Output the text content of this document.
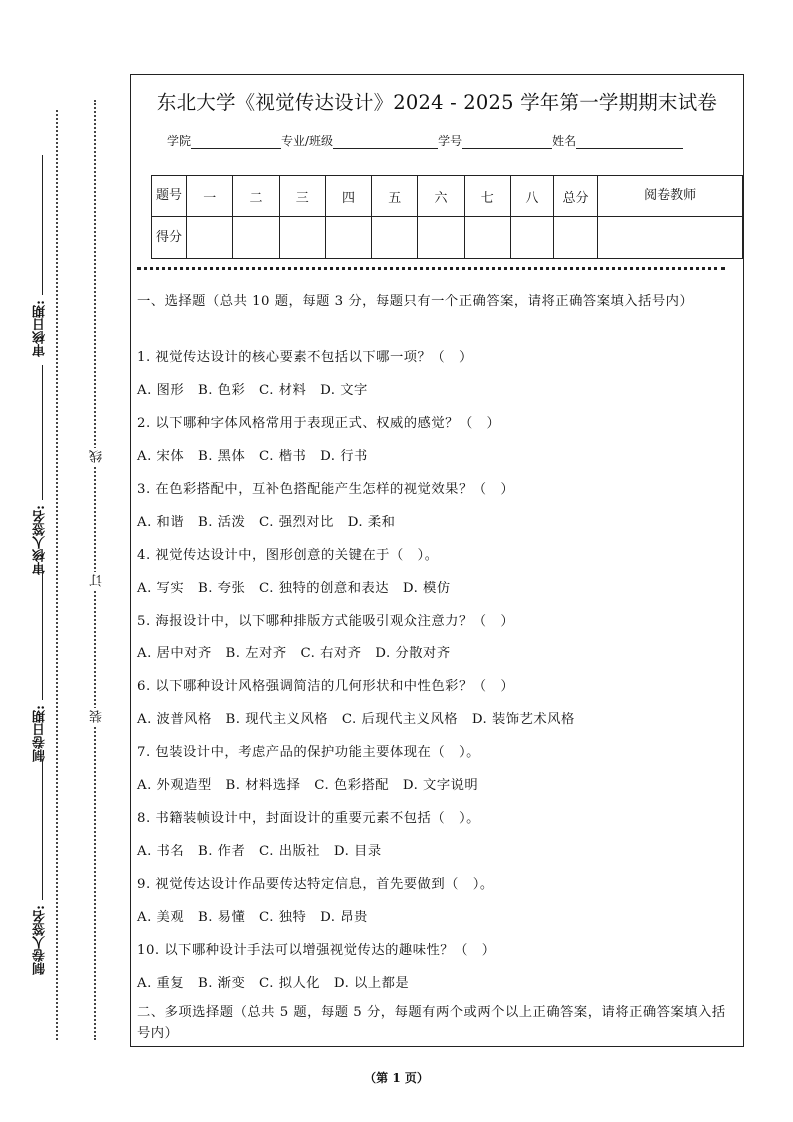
审核日期:
审核人签名:
制卷日期:
制卷人签名:
线
订
装
东北大学《视觉传达设计》2024 - 2025 学年第一学期期末试卷
学院	专业/班级	学号	姓名
题号	一	二	三	四	五	六	七	八	总分	阅卷教师
得分										
一、选择题（总共 10 题，每题 3 分，每题只有一个正确答案，请将正确答案填入括号内）
1. 视觉传达设计的核心要素不包括以下哪一项？（　）
A. 图形　B. 色彩　C. 材料　D. 文字
2. 以下哪种字体风格常用于表现正式、权威的感觉？（　）
A. 宋体　B. 黑体　C. 楷书　D. 行书
3. 在色彩搭配中，互补色搭配能产生怎样的视觉效果？（　）
A. 和谐　B. 活泼　C. 强烈对比　D. 柔和
4. 视觉传达设计中，图形创意的关键在于（　）。
A. 写实　B. 夸张　C. 独特的创意和表达　D. 模仿
5. 海报设计中，以下哪种排版方式能吸引观众注意力？（　）
A. 居中对齐　B. 左对齐　C. 右对齐　D. 分散对齐
6. 以下哪种设计风格强调简洁的几何形状和中性色彩？（　）
A. 波普风格　B. 现代主义风格　C. 后现代主义风格　D. 装饰艺术风格
7. 包装设计中，考虑产品的保护功能主要体现在（　）。
A. 外观造型　B. 材料选择　C. 色彩搭配　D. 文字说明
8. 书籍装帧设计中，封面设计的重要元素不包括（　）。
A. 书名　B. 作者　C. 出版社　D. 目录
9. 视觉传达设计作品要传达特定信息，首先要做到（　）。
A. 美观　B. 易懂　C. 独特　D. 昂贵
10. 以下哪种设计手法可以增强视觉传达的趣味性？（　）
A. 重复　B. 渐变　C. 拟人化　D. 以上都是
二、多项选择题（总共 5 题，每题 5 分，每题有两个或两个以上正确答案，请将正确答案填入括号内）
（第 1 页）
